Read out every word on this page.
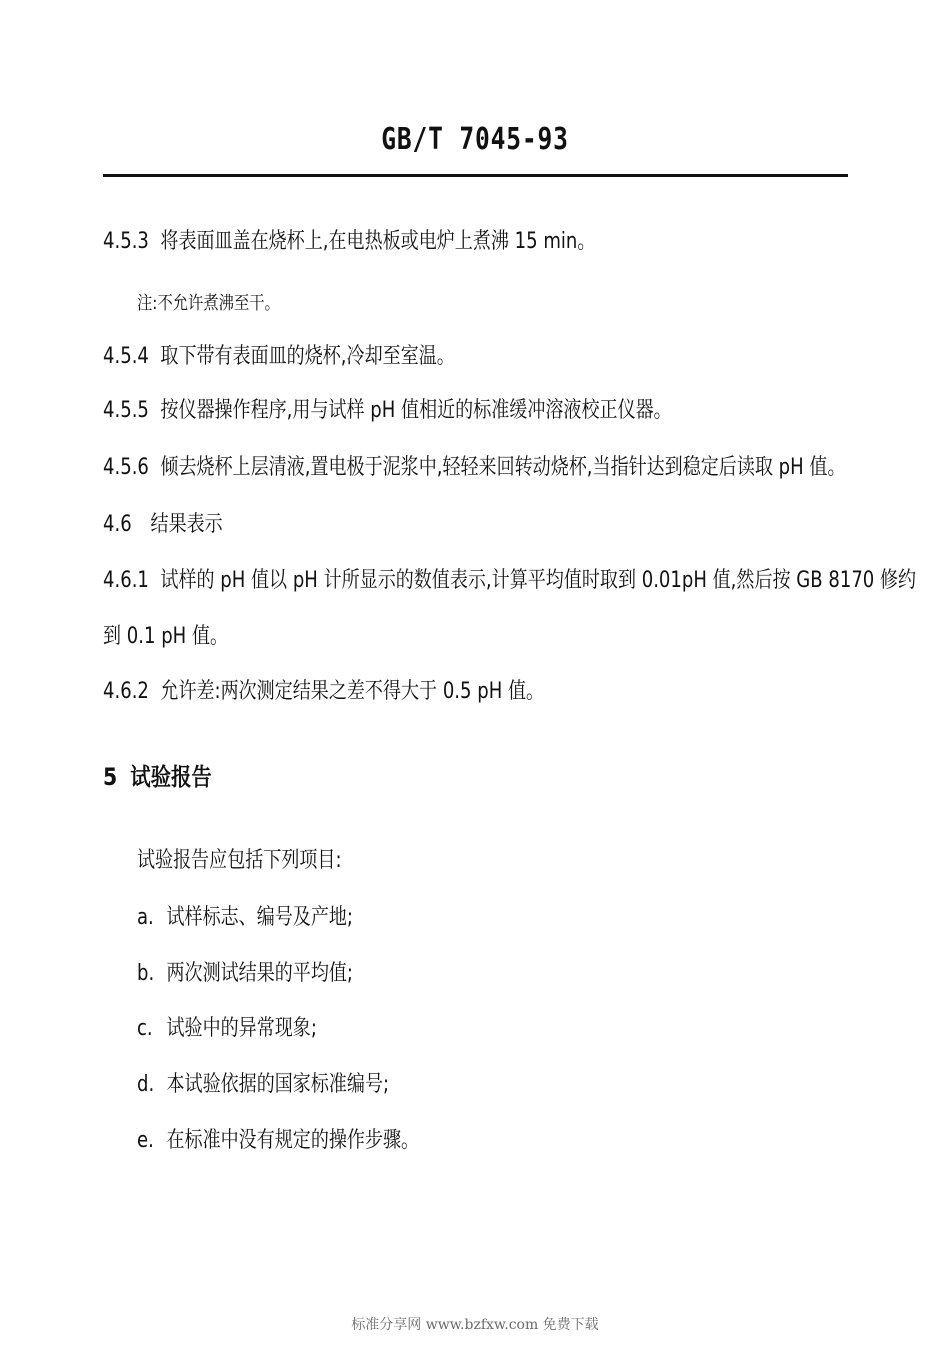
GB/T 7045-93
4.5.3 将表面皿盖在烧杯上,在电热板或电炉上煮沸 15 min。
注:不允许煮沸至干。
4.5.4 取下带有表面皿的烧杯,冷却至室温。
4.5.5 按仪器操作程序,用与试样 pH 值相近的标准缓冲溶液校正仪器。
4.5.6 倾去烧杯上层清液,置电极于泥浆中,轻轻来回转动烧杯,当指针达到稳定后读取 pH 值。
4.6 结果表示
4.6.1 试样的 pH 值以 pH 计所显示的数值表示,计算平均值时取到 0.01pH 值,然后按 GB 8170 修约
到 0.1 pH 值。
4.6.2 允许差:两次测定结果之差不得大于 0.5 pH 值。
5 试验报告
试验报告应包括下列项目:
a. 试样标志、编号及产地;
b. 两次测试结果的平均值;
c. 试验中的异常现象;
d. 本试验依据的国家标准编号;
e. 在标准中没有规定的操作步骤。
标准分享网 www.bzfxw.com 免费下载
